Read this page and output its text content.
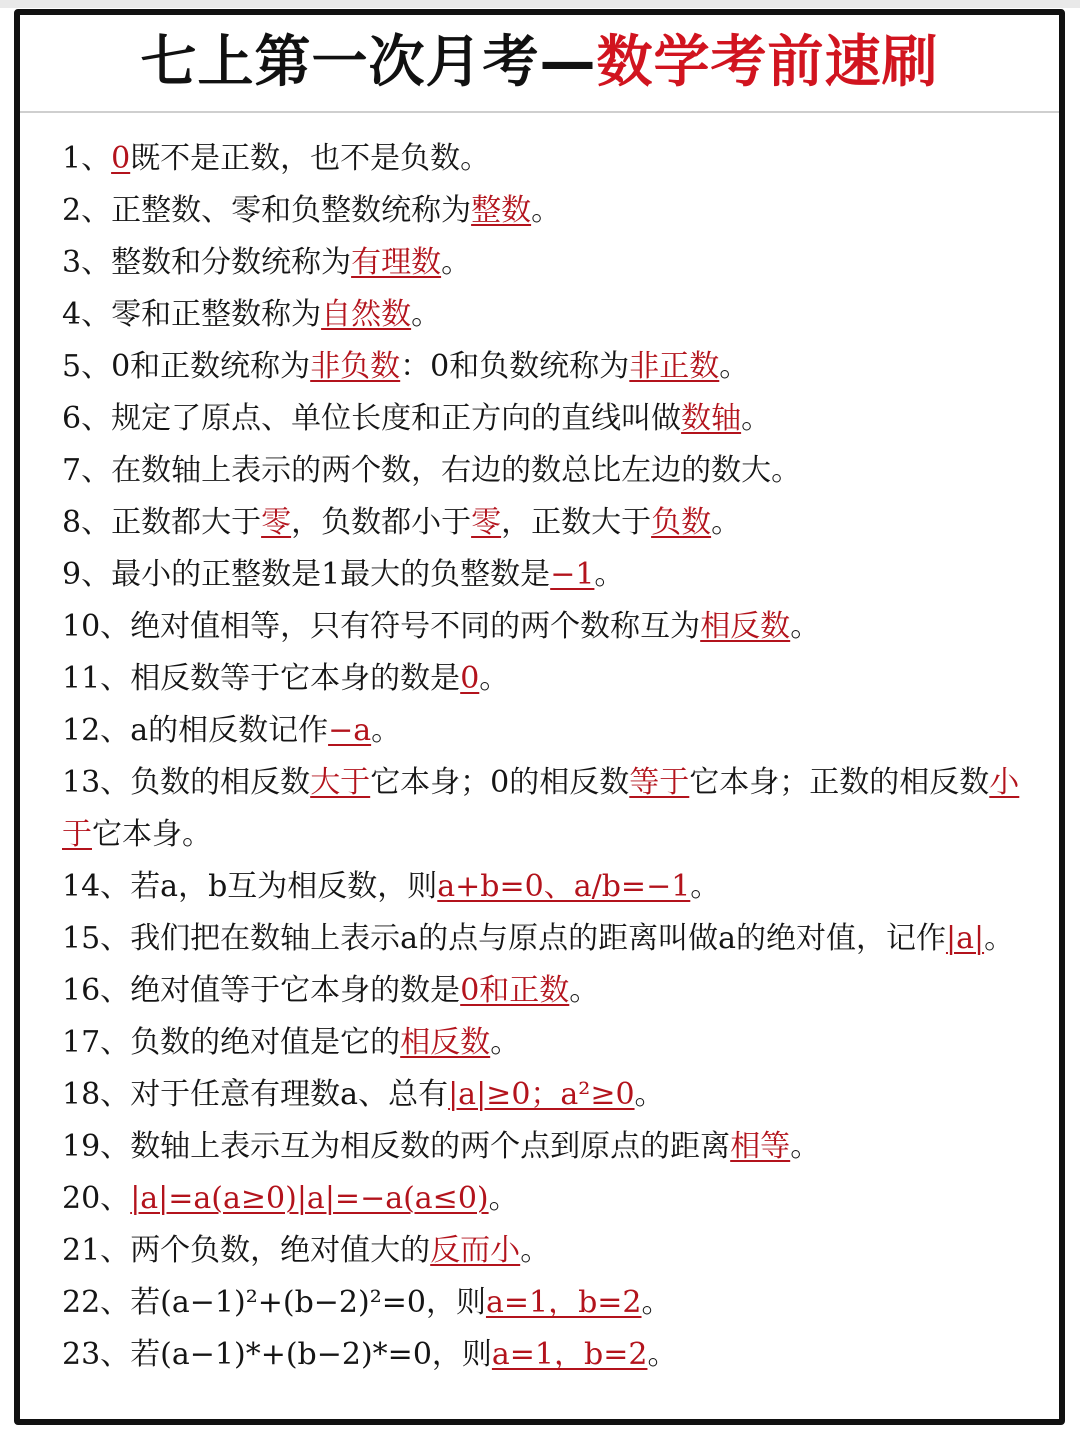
七上第一次月考—数学考前速刷
1、0既不是正数，也不是负数。
2、正整数、零和负整数统称为整数。
3、整数和分数统称为有理数。
4、零和正整数称为自然数。
5、0和正数统称为非负数：0和负数统称为非正数。
6、规定了原点、单位长度和正方向的直线叫做数轴。
7、在数轴上表示的两个数，右边的数总比左边的数大。
8、正数都大于零，负数都小于零，正数大于负数。
9、最小的正整数是1最大的负整数是−1。
10、绝对值相等，只有符号不同的两个数称互为相反数。
11、相反数等于它本身的数是0。
12、a的相反数记作−a。
13、负数的相反数大于它本身；0的相反数等于它本身；正数的相反数小于它本身。
14、若a，b互为相反数，则a+b=0、a/b=−1。
15、我们把在数轴上表示a的点与原点的距离叫做a的绝对值，记作|a|。
16、绝对值等于它本身的数是0和正数。
17、负数的绝对值是它的相反数。
18、对于任意有理数a、总有|a|≥0；a²≥0。
19、数轴上表示互为相反数的两个点到原点的距离相等。
20、|a|=a(a≥0)|a|=−a(a≤0)。
21、两个负数，绝对值大的反而小。
22、若(a−1)²+(b−2)²=0，则a=1，b=2。
23、若(a−1)*+(b−2)*=0，则a=1，b=2。
